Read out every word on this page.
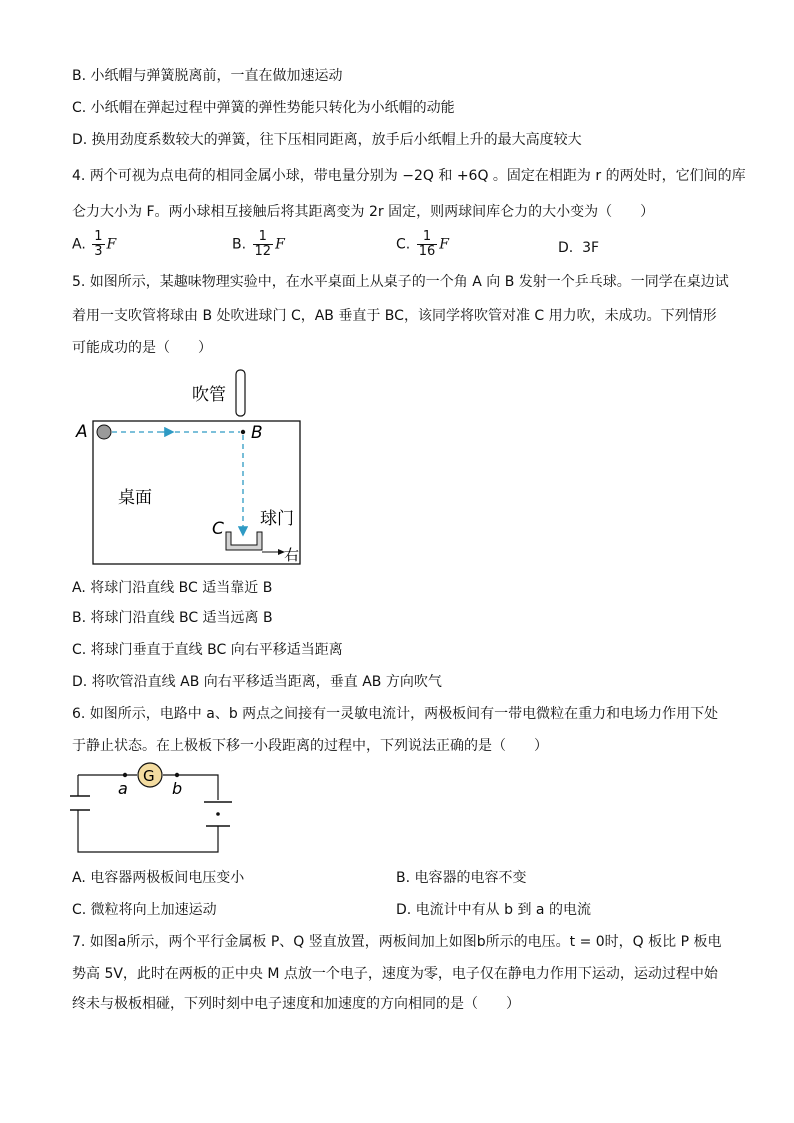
B. 小纸帽与弹簧脱离前，一直在做加速运动
C. 小纸帽在弹起过程中弹簧的弹性势能只转化为小纸帽的动能
D. 换用劲度系数较大的弹簧，往下压相同距离，放手后小纸帽上升的最大高度较大
4. 两个可视为点电荷的相同金属小球，带电量分别为 −2Q 和 +6Q 。固定在相距为 r 的两处时，它们间的库
仑力大小为 F。两小球相互接触后将其距离变为 2r 固定，则两球间库仑力的大小变为（　　）
A. $\frac{1}{3}$ F	B. $\frac{1}{12}$ F	C. $\frac{1}{16}$ F	D. 3F
5. 如图所示，某趣味物理实验中，在水平桌面上从桌子的一个角 A 向 B 发射一个乒乓球。一同学在桌边试
着用一支吹管将球由 B 处吹进球门 C，AB 垂直于 BC，该同学将吹管对准 C 用力吹，未成功。下列情形
可能成功的是（　　）
吹管
A	B
桌面
球门
C
右
A. 将球门沿直线 BC 适当靠近 B
B. 将球门沿直线 BC 适当远离 B
C. 将球门垂直于直线 BC 向右平移适当距离
D. 将吹管沿直线 AB 向右平移适当距离，垂直 AB 方向吹气
6. 如图所示，电路中 a、b 两点之间接有一灵敏电流计，两极板间有一带电微粒在重力和电场力作用下处
于静止状态。在上极板下移一小段距离的过程中，下列说法正确的是（　　）
G
a	b
A. 电容器两极板间电压变小	B. 电容器的电容不变
C. 微粒将向上加速运动	D. 电流计中有从 b 到 a 的电流
7. 如图a所示，两个平行金属板 P、Q 竖直放置，两板间加上如图b所示的电压。t = 0时，Q 板比 P 板电
势高 5V，此时在两板的正中央 M 点放一个电子，速度为零，电子仅在静电力作用下运动，运动过程中始
终未与极板相碰，下列时刻中电子速度和加速度的方向相同的是（　　）
